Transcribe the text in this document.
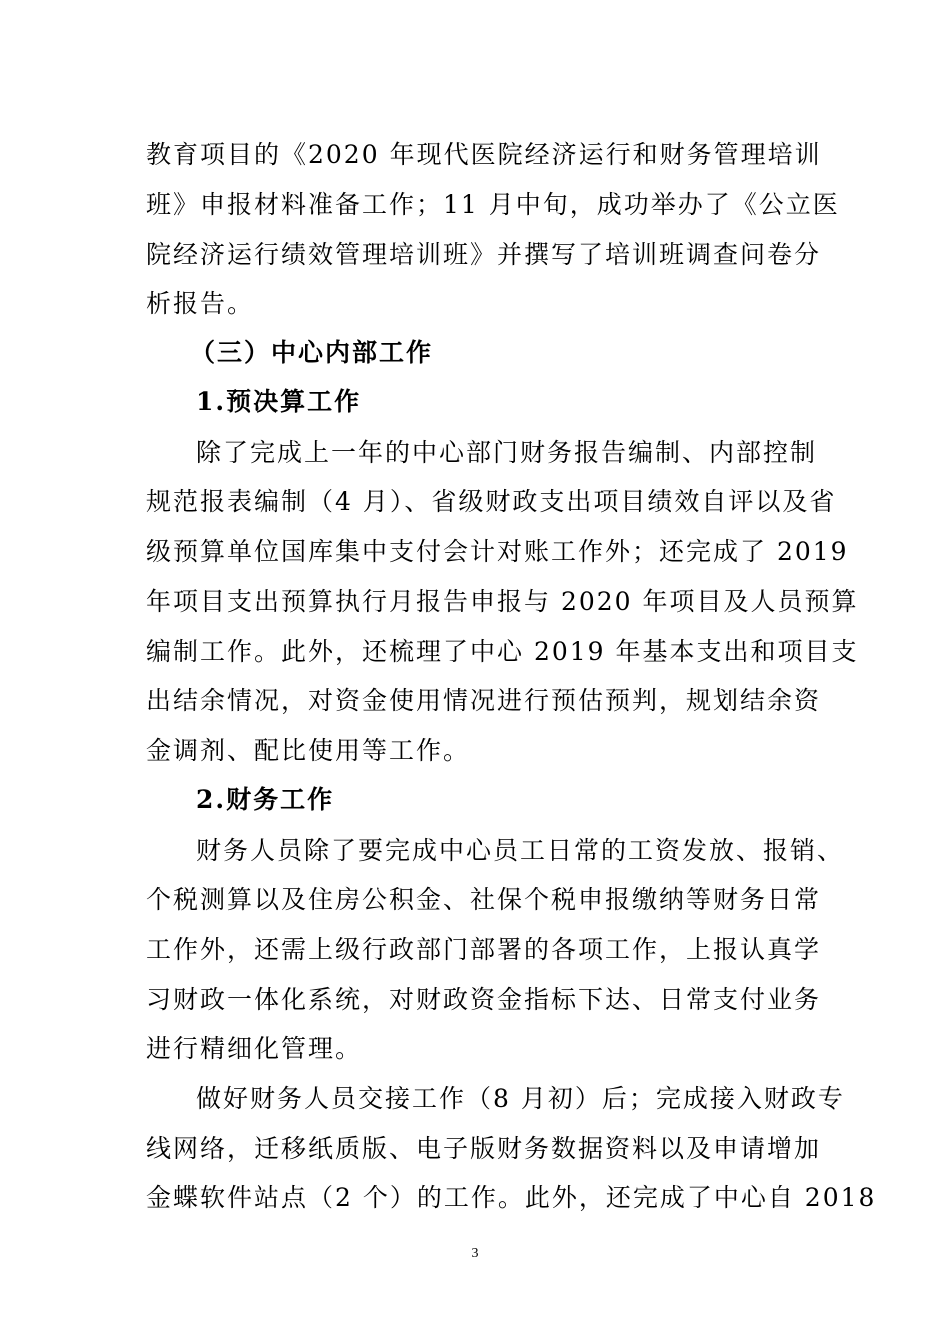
教育项目的《2020 年现代医院经济运行和财务管理培训
班》申报材料准备工作；11 月中旬，成功举办了《公立医
院经济运行绩效管理培训班》并撰写了培训班调查问卷分
析报告。
（三）中心内部工作
1.预决算工作
除了完成上一年的中心部门财务报告编制、内部控制
规范报表编制（4 月）、省级财政支出项目绩效自评以及省
级预算单位国库集中支付会计对账工作外；还完成了 2019
年项目支出预算执行月报告申报与 2020 年项目及人员预算
编制工作。此外，还梳理了中心 2019 年基本支出和项目支
出结余情况，对资金使用情况进行预估预判，规划结余资
金调剂、配比使用等工作。
2.财务工作
财务人员除了要完成中心员工日常的工资发放、报销、
个税测算以及住房公积金、社保个税申报缴纳等财务日常
工作外，还需上级行政部门部署的各项工作，上报认真学
习财政一体化系统，对财政资金指标下达、日常支付业务
进行精细化管理。
做好财务人员交接工作（8 月初）后；完成接入财政专
线网络，迁移纸质版、电子版财务数据资料以及申请增加
金蝶软件站点（2 个）的工作。此外，还完成了中心自 2018
3
